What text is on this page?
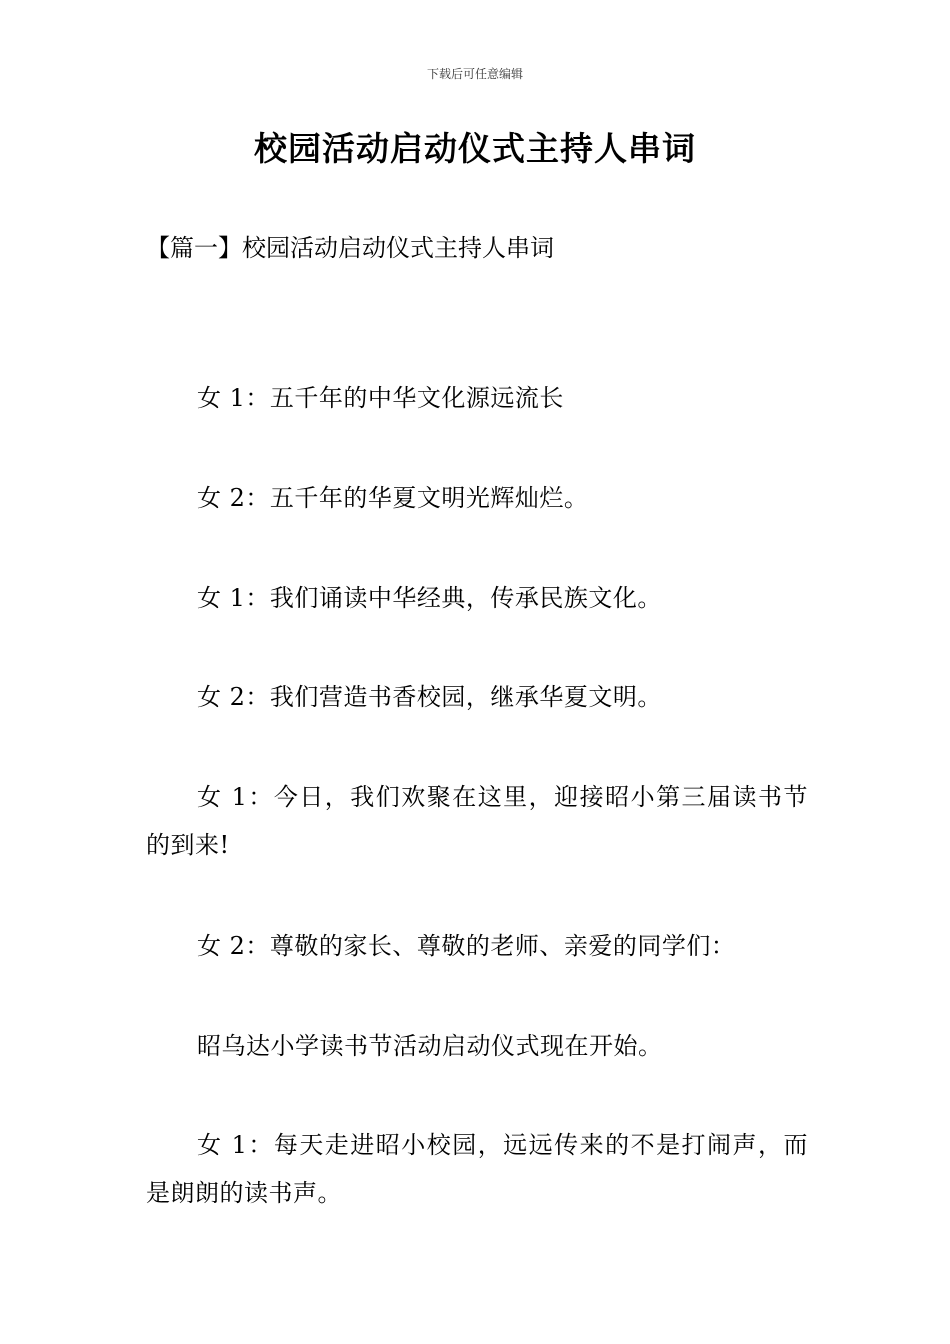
下载后可任意编辑
校园活动启动仪式主持人串词
【篇一】校园活动启动仪式主持人串词

女 1：五千年的中华文化源远流长

女 2：五千年的华夏文明光辉灿烂。

女 1：我们诵读中华经典，传承民族文化。

女 2：我们营造书香校园，继承华夏文明。

女 1：今日，我们欢聚在这里，迎接昭小第三届读书节的到来!

女 2：尊敬的家长、尊敬的老师、亲爱的同学们：

昭乌达小学读书节活动启动仪式现在开始。

女 1：每天走进昭小校园，远远传来的不是打闹声，而是朗朗的读书声。
